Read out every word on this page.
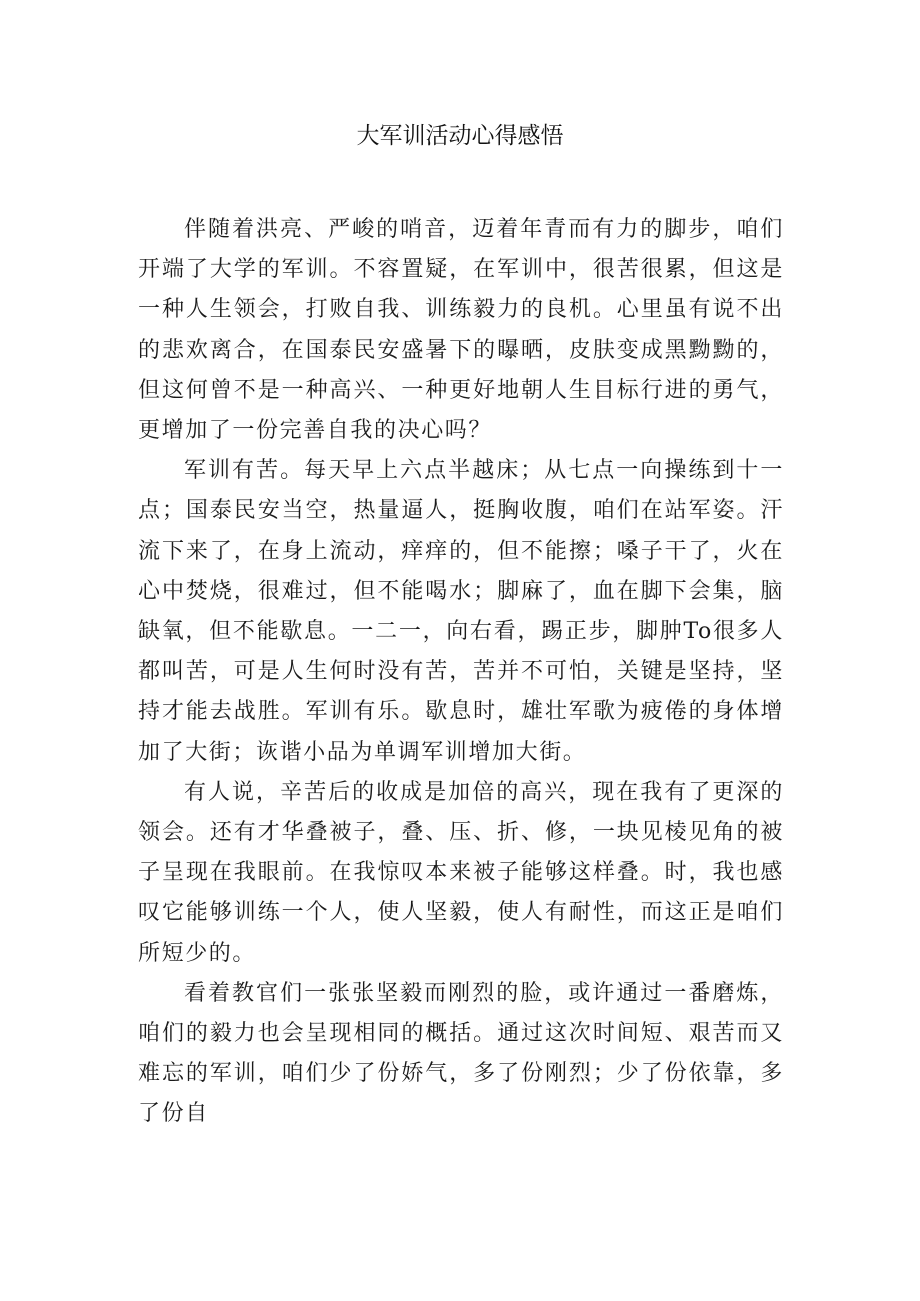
大军训活动心得感悟

伴随着洪亮、严峻的哨音，迈着年青而有力的脚步，咱们开端了大学的军训。不容置疑，在军训中，很苦很累，但这是一种人生领会，打败自我、训练毅力的良机。心里虽有说不出的悲欢离合，在国泰民安盛暑下的曝晒，皮肤变成黑黝黝的，但这何曾不是一种高兴、一种更好地朝人生目标行进的勇气，更增加了一份完善自我的决心吗？

军训有苦。每天早上六点半越床；从七点一向操练到十一点；国泰民安当空，热量逼人，挺胸收腹，咱们在站军姿。汗流下来了，在身上流动，痒痒的，但不能擦；嗓子干了，火在心中焚烧，很难过，但不能喝水；脚麻了，血在脚下会集，脑缺氧，但不能歇息。一二一，向右看，踢正步，脚肿To很多人都叫苦，可是人生何时没有苦，苦并不可怕，关键是坚持，坚持才能去战胜。军训有乐。歇息时，雄壮军歌为疲倦的身体增加了大街；诙谐小品为单调军训增加大街。

有人说，辛苦后的收成是加倍的高兴，现在我有了更深的领会。还有才华叠被子，叠、压、折、修，一块见棱见角的被子呈现在我眼前。在我惊叹本来被子能够这样叠。时，我也感叹它能够训练一个人，使人坚毅，使人有耐性，而这正是咱们所短少的。

看着教官们一张张坚毅而刚烈的脸，或许通过一番磨炼，咱们的毅力也会呈现相同的概括。通过这次时间短、艰苦而又难忘的军训，咱们少了份娇气，多了份刚烈；少了份依靠，多了份自
